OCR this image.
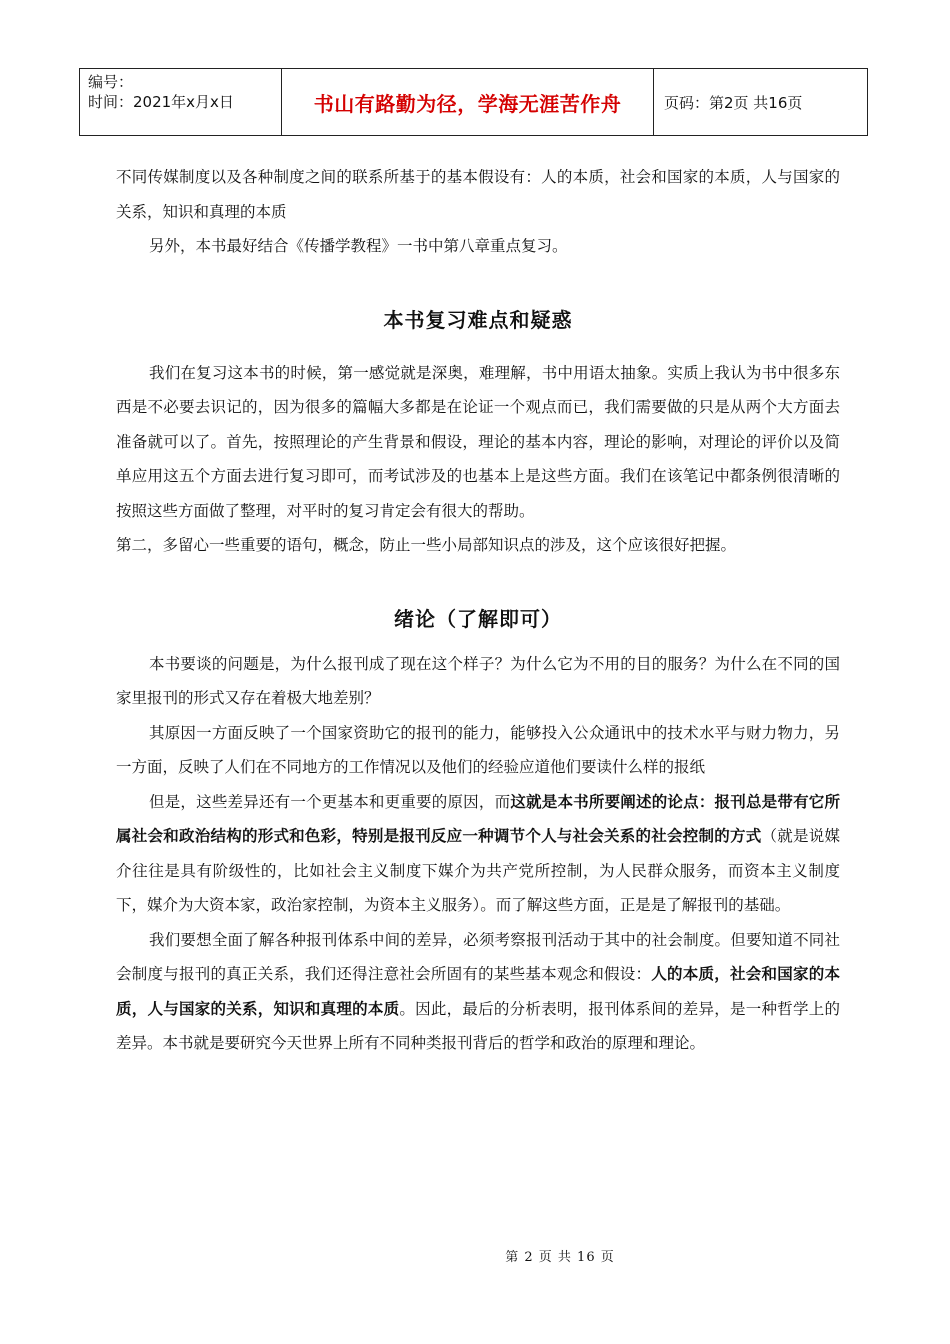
编号：
时间：2021年x月x日	书山有路勤为径，学海无涯苦作舟	页码：第2页 共16页

不同传媒制度以及各种制度之间的联系所基于的基本假设有：人的本质，社会和国家的本质，人与国家的关系，知识和真理的本质

另外，本书最好结合《传播学教程》一书中第八章重点复习。

本书复习难点和疑惑

我们在复习这本书的时候，第一感觉就是深奥，难理解，书中用语太抽象。实质上我认为书中很多东西是不必要去识记的，因为很多的篇幅大多都是在论证一个观点而已，我们需要做的只是从两个大方面去准备就可以了。首先，按照理论的产生背景和假设，理论的基本内容，理论的影响，对理论的评价以及简单应用这五个方面去进行复习即可，而考试涉及的也基本上是这些方面。我们在该笔记中都条例很清晰的按照这些方面做了整理，对平时的复习肯定会有很大的帮助。

第二，多留心一些重要的语句，概念，防止一些小局部知识点的涉及，这个应该很好把握。

绪论（了解即可）

本书要谈的问题是，为什么报刊成了现在这个样子？为什么它为不用的目的服务？为什么在不同的国家里报刊的形式又存在着极大地差别？

其原因一方面反映了一个国家资助它的报刊的能力，能够投入公众通讯中的技术水平与财力物力，另一方面，反映了人们在不同地方的工作情况以及他们的经验应道他们要读什么样的报纸

但是，这些差异还有一个更基本和更重要的原因，而这就是本书所要阐述的论点：报刊总是带有它所属社会和政治结构的形式和色彩，特别是报刊反应一种调节个人与社会关系的社会控制的方式（就是说媒介往往是具有阶级性的，比如社会主义制度下媒介为共产党所控制，为人民群众服务，而资本主义制度下，媒介为大资本家，政治家控制，为资本主义服务）。而了解这些方面，正是是了解报刊的基础。

我们要想全面了解各种报刊体系中间的差异，必须考察报刊活动于其中的社会制度。但要知道不同社会制度与报刊的真正关系，我们还得注意社会所固有的某些基本观念和假设：人的本质，社会和国家的本质，人与国家的关系，知识和真理的本质。因此，最后的分析表明，报刊体系间的差异，是一种哲学上的差异。本书就是要研究今天世界上所有不同种类报刊背后的哲学和政治的原理和理论。

第 2 页 共 16 页
